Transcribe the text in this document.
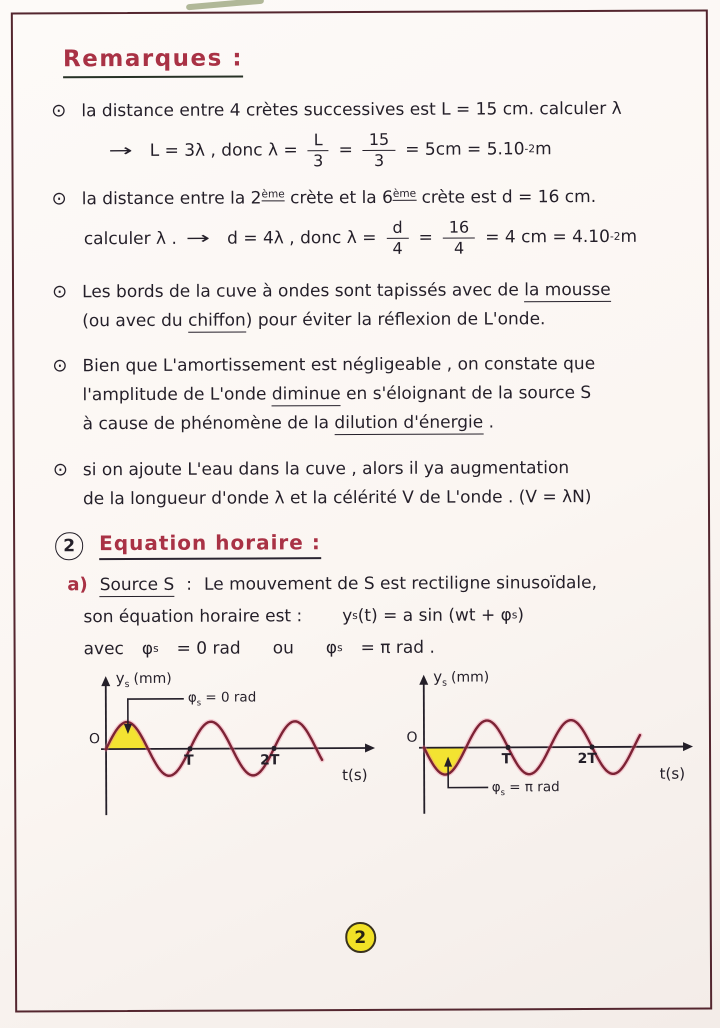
Remarques :
⊙ la distance entre 4 crètes successives est L = 15 cm. calculer λ
→ L = 3λ , donc $\lambda = \frac{L}{3} = \frac{15}{3} = 5cm = 5.10$ -2 m
⊙ la distance entre la 2ème crète et la 6ème crète est d = 16 cm.
calculer λ . → d = 4λ , donc $\lambda = \frac{d}{4} = \frac{16}{4} = 4$ cm = 4.10 -2 m
⊙ Les bords de la cuve à ondes sont tapissés avec de la mousse
(ou avec du chiffon) pour éviter la réflexion de L'onde.
⊙ Bien que L'amortissement est négligeable , on constate que
l'amplitude de L'onde diminue en s'éloignant de la source S
à cause de phénomène de la dilution d'énergie .
⊙ si on ajoute L'eau dans la cuve , alors il ya augmentation
de la longueur d'onde λ et la célérité V de L'onde . (V = λN)
2	Equation horaire :
a) Source S : Le mouvement de S est rectiligne sinusoïdale,
son équation horaire est : y s (t) = a sin (wt + φ s )
avec φ s = 0 rad ou φ s = π rad .
$y_s$ (mm)
O
T	2T
t(s)
$\varphi_s = 0$ rad
$y_s$ (mm)
O
T	2T
t(s)
$\varphi_s = \pi$ rad
2
